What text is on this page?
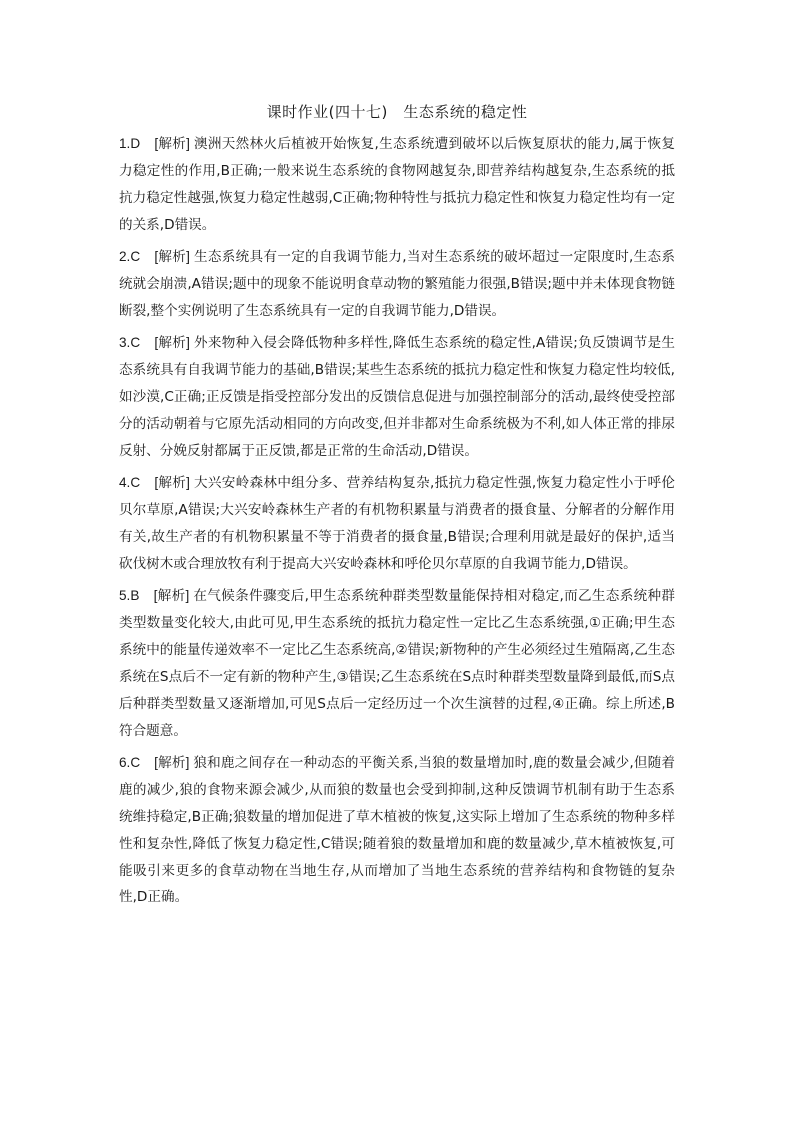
课时作业(四十七)　生态系统的稳定性

1.D　[解析] 澳洲天然林火后植被开始恢复,生态系统遭到破坏以后恢复原状的能力,属于恢复力稳定性的作用,B正确;一般来说生态系统的食物网越复杂,即营养结构越复杂,生态系统的抵抗力稳定性越强,恢复力稳定性越弱,C正确;物种特性与抵抗力稳定性和恢复力稳定性均有一定的关系,D错误。

2.C　[解析] 生态系统具有一定的自我调节能力,当对生态系统的破坏超过一定限度时,生态系统就会崩溃,A错误;题中的现象不能说明食草动物的繁殖能力很强,B错误;题中并未体现食物链断裂,整个实例说明了生态系统具有一定的自我调节能力,D错误。

3.C　[解析] 外来物种入侵会降低物种多样性,降低生态系统的稳定性,A错误;负反馈调节是生态系统具有自我调节能力的基础,B错误;某些生态系统的抵抗力稳定性和恢复力稳定性均较低,如沙漠,C正确;正反馈是指受控部分发出的反馈信息促进与加强控制部分的活动,最终使受控部分的活动朝着与它原先活动相同的方向改变,但并非都对生命系统极为不利,如人体正常的排尿反射、分娩反射都属于正反馈,都是正常的生命活动,D错误。

4.C　[解析] 大兴安岭森林中组分多、营养结构复杂,抵抗力稳定性强,恢复力稳定性小于呼伦贝尔草原,A错误;大兴安岭森林生产者的有机物积累量与消费者的摄食量、分解者的分解作用有关,故生产者的有机物积累量不等于消费者的摄食量,B错误;合理利用就是最好的保护,适当砍伐树木或合理放牧有利于提高大兴安岭森林和呼伦贝尔草原的自我调节能力,D错误。

5.B　[解析] 在气候条件骤变后,甲生态系统种群类型数量能保持相对稳定,而乙生态系统种群类型数量变化较大,由此可见,甲生态系统的抵抗力稳定性一定比乙生态系统强,①正确;甲生态系统中的能量传递效率不一定比乙生态系统高,②错误;新物种的产生必须经过生殖隔离,乙生态系统在S点后不一定有新的物种产生,③错误;乙生态系统在S点时种群类型数量降到最低,而S点后种群类型数量又逐渐增加,可见S点后一定经历过一个次生演替的过程,④正确。综上所述,B符合题意。

6.C　[解析] 狼和鹿之间存在一种动态的平衡关系,当狼的数量增加时,鹿的数量会减少,但随着鹿的减少,狼的食物来源会减少,从而狼的数量也会受到抑制,这种反馈调节机制有助于生态系统维持稳定,B正确;狼数量的增加促进了草木植被的恢复,这实际上增加了生态系统的物种多样性和复杂性,降低了恢复力稳定性,C错误;随着狼的数量增加和鹿的数量减少,草木植被恢复,可能吸引来更多的食草动物在当地生存,从而增加了当地生态系统的营养结构和食物链的复杂性,D正确。
